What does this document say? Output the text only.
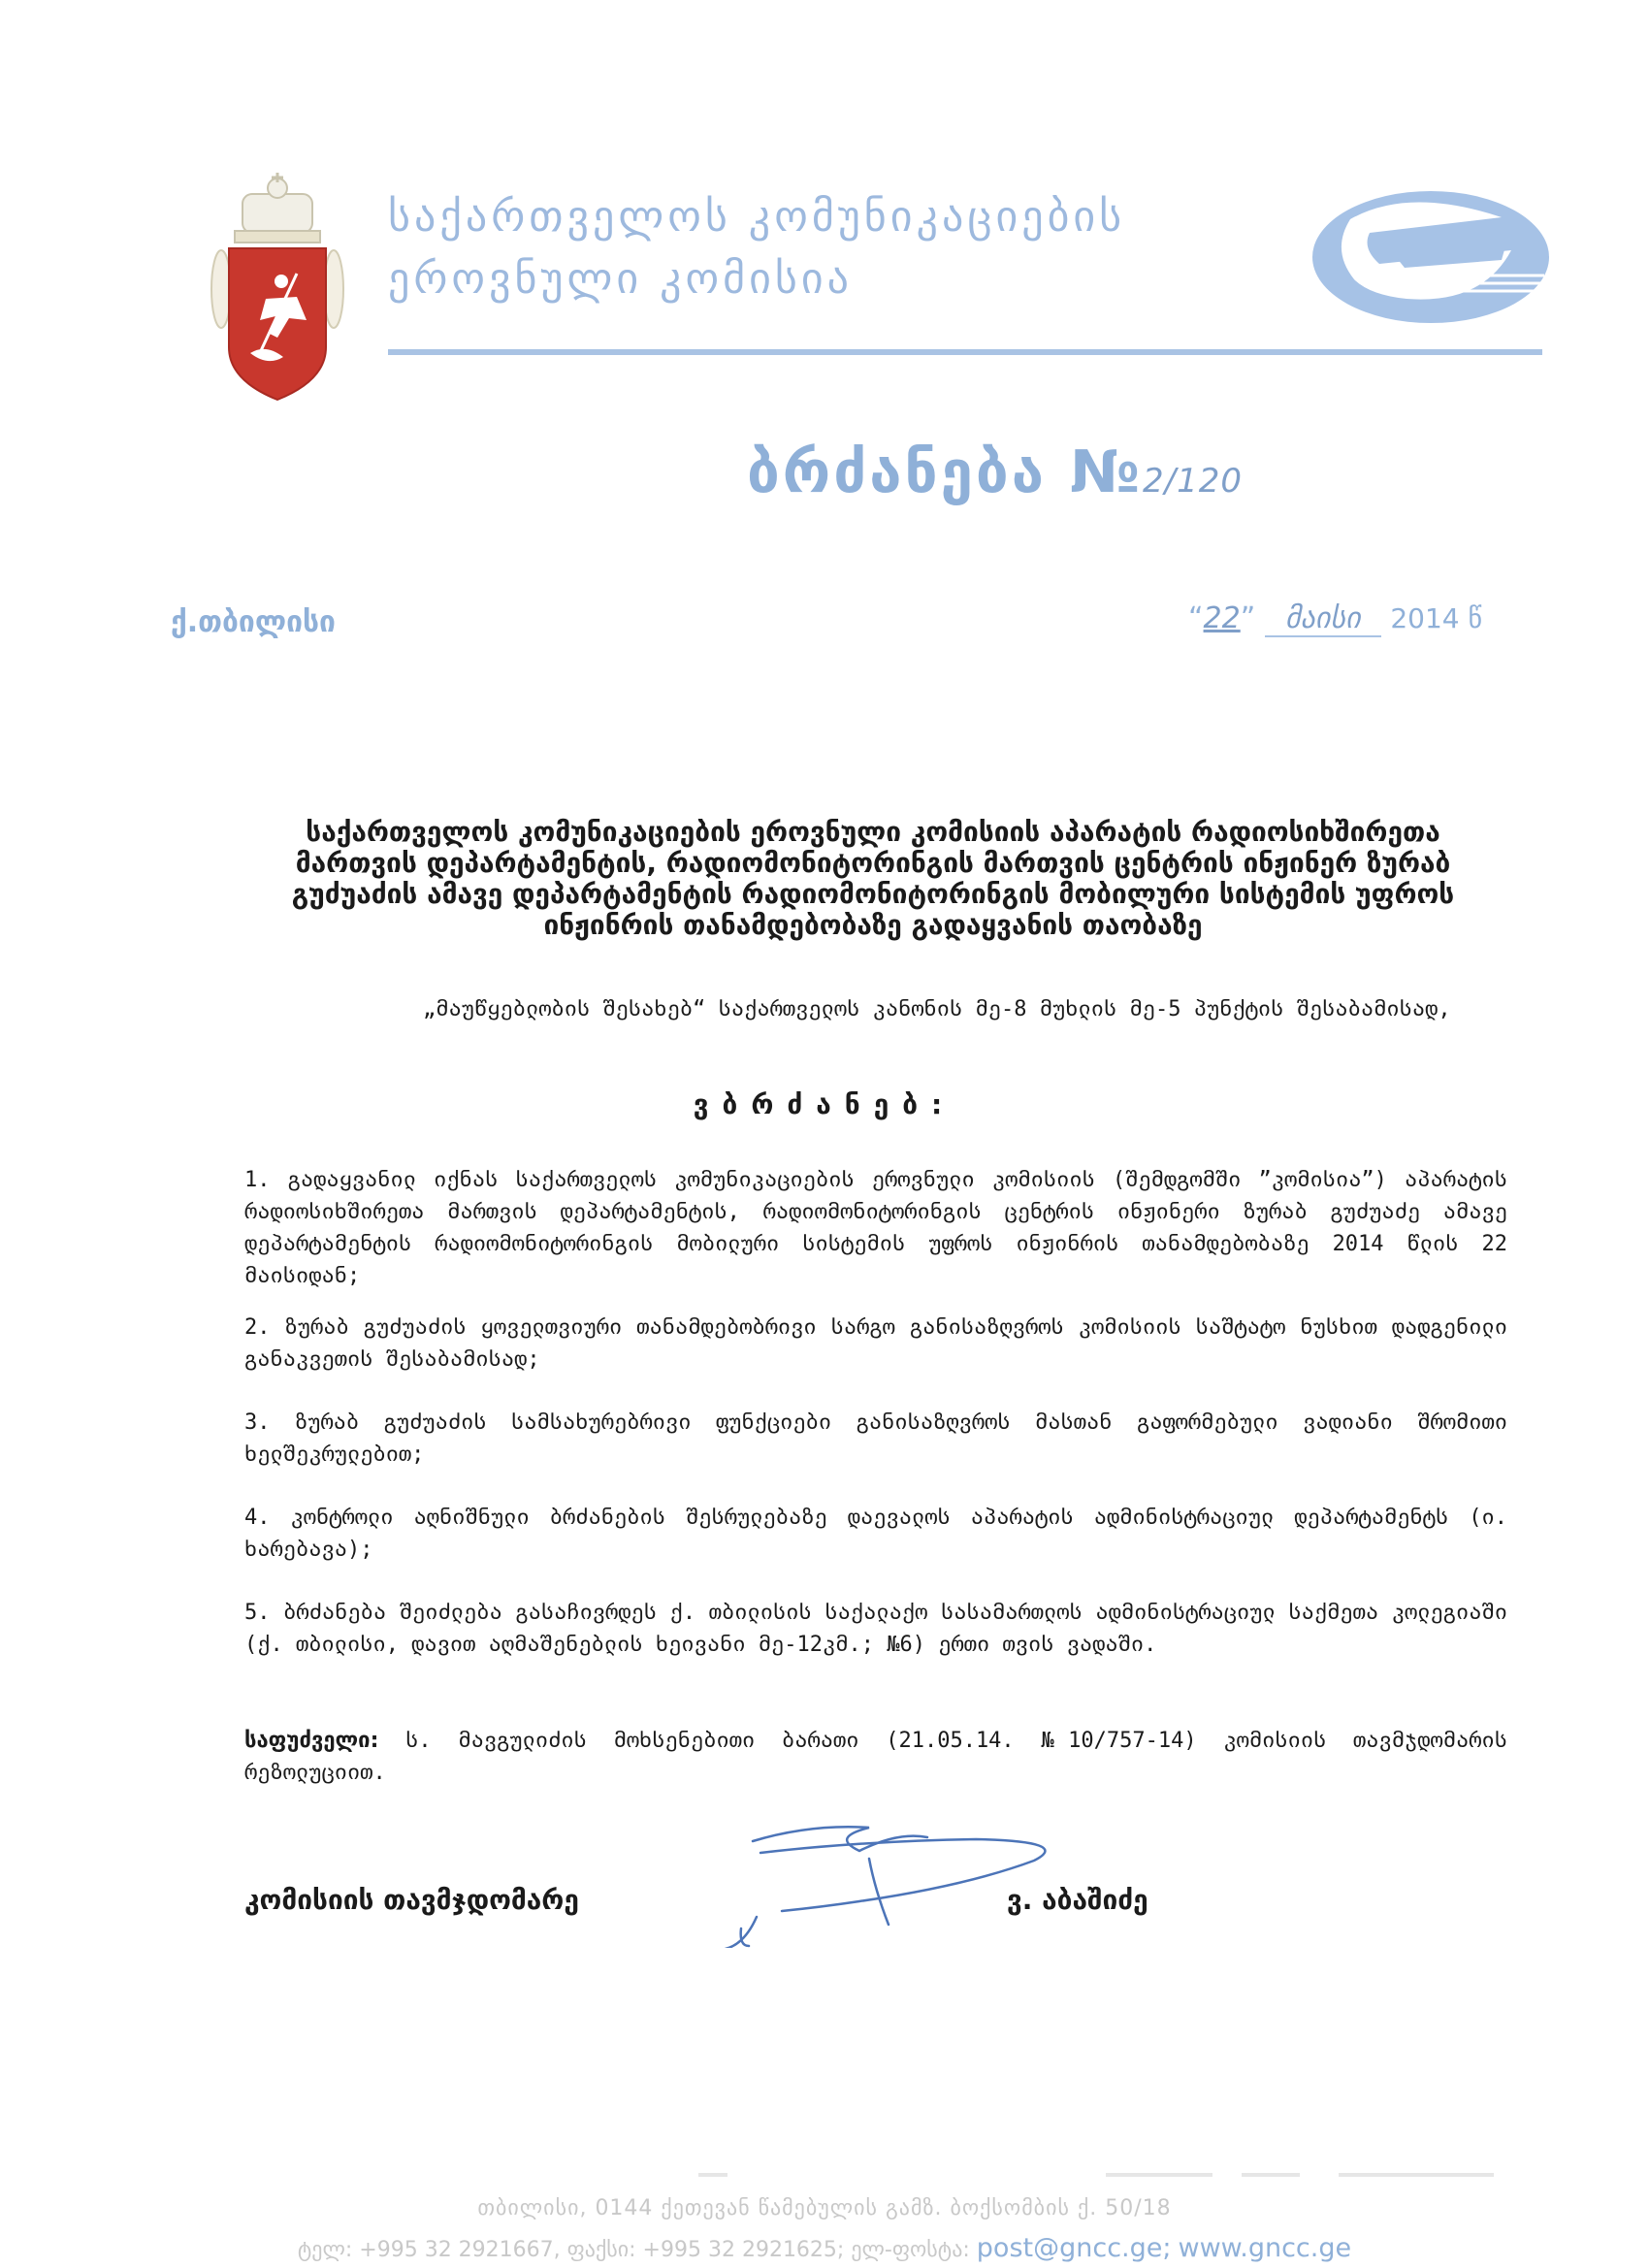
საქართველოს კომუნიკაციების
ეროვნული კომისია
ბრძანება №2/120
ქ.თბილისი	“22” მაისი 2014 წ
საქართველოს კომუნიკაციების ეროვნული კომისიის აპარატის რადიოსიხშირეთა მართვის დეპარტამენტის, რადიომონიტორინგის მართვის ცენტრის ინჟინერ ზურაბ გუძუაძის ამავე დეპარტამენტის რადიომონიტორინგის მობილური სისტემის უფროს ინჟინრის თანამდებობაზე გადაყვანის თაობაზე
„მაუწყებლობის შესახებ“ საქართველოს კანონის მე-8 მუხლის მე-5 პუნქტის შესაბამისად,
ვბრძანებ:
1. გადაყვანილ იქნას საქართველოს კომუნიკაციების ეროვნული კომისიის (შემდგომში ”კომისია”) აპარატის რადიოსიხშირეთა მართვის დეპარტამენტის, რადიომონიტორინგის ცენტრის ინჟინერი ზურაბ გუძუაძე ამავე დეპარტამენტის რადიომონიტორინგის მობილური სისტემის უფროს ინჟინრის თანამდებობაზე 2014 წლის 22 მაისიდან;
2. ზურაბ გუძუაძის ყოველთვიური თანამდებობრივი სარგო განისაზღვროს კომისიის საშტატო ნუსხით დადგენილი განაკვეთის შესაბამისად;
3. ზურაბ გუძუაძის სამსახურებრივი ფუნქციები განისაზღვროს მასთან გაფორმებული ვადიანი შრომითი ხელშეკრულებით;
4. კონტროლი აღნიშნული ბრძანების შესრულებაზე დაევალოს აპარატის ადმინისტრაციულ დეპარტამენტს (ი. ხარებავა);
5. ბრძანება შეიძლება გასაჩივრდეს ქ. თბილისის საქალაქო სასამართლოს ადმინისტრაციულ საქმეთა კოლეგიაში (ქ. თბილისი, დავით აღმაშენებლის ხეივანი მე-12კმ.; №6) ერთი თვის ვადაში.
საფუძველი: ს. მავგულიძის მოხსენებითი ბარათი (21.05.14. №10/757-14) კომისიის თავმჯდომარის რეზოლუციით.
კომისიის თავმჯდომარე	ვ. აბაშიძე
თბილისი, 0144 ქეთევან წამებულის გამზ. ბოქსომბის ქ. 50/18
ტელ: +995 32 2921667, ფაქსი: +995 32 2921625; ელ-ფოსტა: post@gncc.ge; www.gncc.ge
